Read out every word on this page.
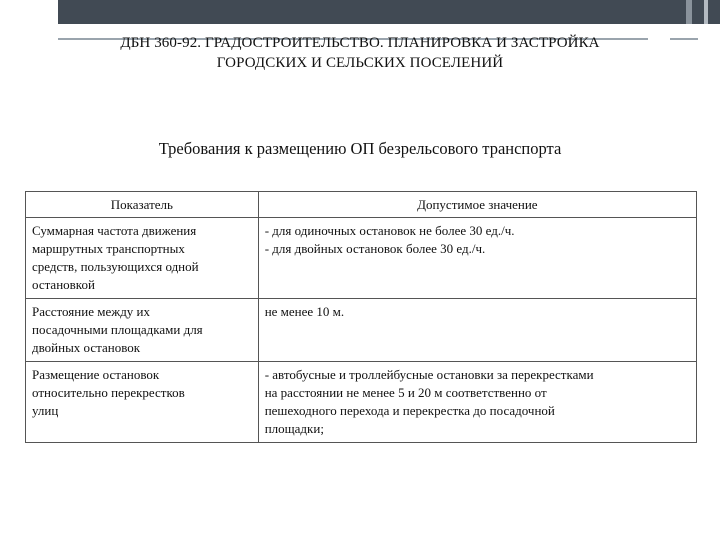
ДБН 360-92. ГРАДОСТРОИТЕЛЬСТВО. ПЛАНИРОВКА И ЗАСТРОЙКА
ГОРОДСКИХ И СЕЛЬСКИХ ПОСЕЛЕНИЙ
Требования к размещению ОП безрельсового транспорта
Показатель	Допустимое значение

Суммарная частота движения
маршрутных транспортных
средств, пользующихся одной
остановкой	- для одиночных остановок не более 30 ед./ч.
- для двойных остановок более 30 ед./ч.

Расстояние между их
посадочными площадками для
двойных остановок	не менее 10 м.

Размещение остановок
относительно перекрестков
улиц	- автобусные и троллейбусные остановки за перекрестками
на расстоянии не менее 5 и 20 м соответственно от
пешеходного перехода и перекрестка до посадочной
площадки;
